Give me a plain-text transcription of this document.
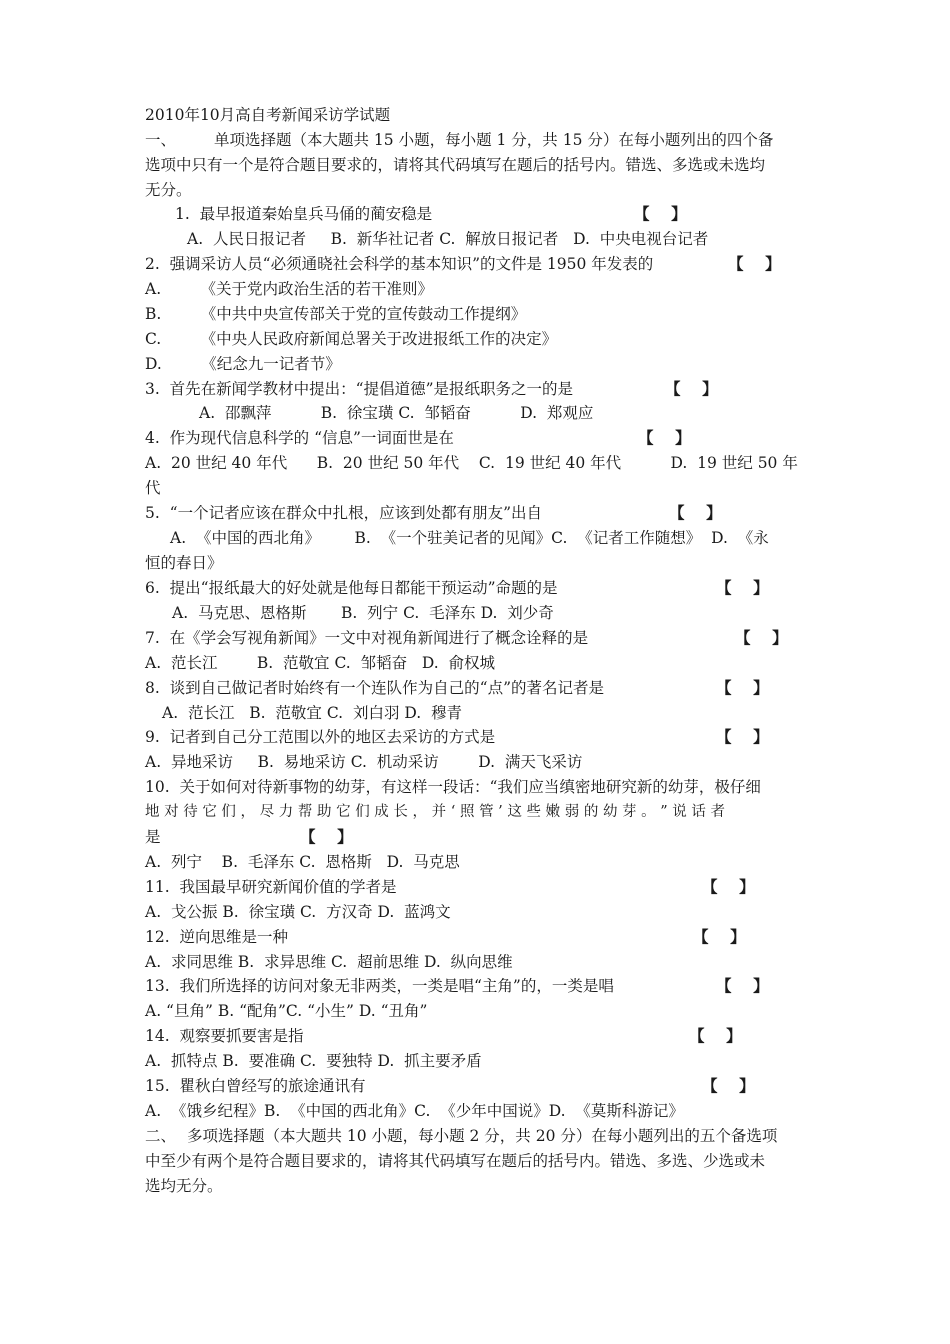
2010年10月高自考新闻采访学试题
一、 单项选择题（本大题共 15 小题，每小题 1 分，共 15 分）在每小题列出的四个备
选项中只有一个是符合题目要求的，请将其代码填写在题后的括号内。错选、多选或未选均
无分。
1.  最早报道秦始皇兵马俑的蔺安稳是	【    】
A.  人民日报记者     B.  新华社记者 C.  解放日报记者   D.  中央电视台记者
2.  强调采访人员“必须通晓社会科学的基本知识”的文件是 1950 年发表的	【    】
A.        《关于党内政治生活的若干准则》
B.        《中共中央宣传部关于党的宣传鼓动工作提纲》
C.        《中央人民政府新闻总署关于改进报纸工作的决定》
D.        《纪念九一记者节》
3.  首先在新闻学教材中提出：“提倡道德”是报纸职务之一的是	【    】
A.  邵飘萍          B.  徐宝璜 C.  邹韬奋          D.  郑观应
4.  作为现代信息科学的 “信息”一词面世是在	【    】
A.  20 世纪 40 年代      B.  20 世纪 50 年代    C.  19 世纪 40 年代          D.  19 世纪 50 年
代
5.  “一个记者应该在群众中扎根，应该到处都有朋友”出自	【    】
A.  《中国的西北角》       B.  《一个驻美记者的见闻》C.  《记者工作随想》  D.  《永
恒的春日》
6.  提出“报纸最大的好处就是他每日都能干预运动”命题的是	【    】
A.  马克思、恩格斯       B.  列宁 C.  毛泽东 D.  刘少奇
7.  在《学会写视角新闻》一文中对视角新闻进行了概念诠释的是	【    】
A.  范长江        B.  范敬宜 C.  邹韬奋   D.  俞权城
8.  谈到自己做记者时始终有一个连队作为自己的“点”的著名记者是	【    】
A.  范长江   B.  范敬宜 C.  刘白羽 D.  穆青
9.  记者到自己分工范围以外的地区去采访的方式是	【    】
A.  异地采访     B.  易地采访 C.  机动采访        D.  满天飞采访
10.  关于如何对待新事物的幼芽，有这样一段话：“我们应当缜密地研究新的幼芽，极仔细
地 对 待 它 们 ， 尽 力 帮 助 它 们 成 长 ， 并 ‘ 照 管 ’ 这 些 嫩 弱 的 幼 芽 。 ” 说 话 者
是	【    】
A.  列宁    B.  毛泽东 C.  恩格斯   D.  马克思
11.  我国最早研究新闻价值的学者是	【    】
A.  戈公振 B.  徐宝璜 C.  方汉奇 D.  蓝鸿文
12.  逆向思维是一种	【    】
A.  求同思维 B.  求异思维 C.  超前思维 D.  纵向思维
13.  我们所选择的访问对象无非两类，一类是唱“主角”的，一类是唱	【    】
A. “旦角” B. “配角”C. “小生” D. “丑角”
14.  观察要抓要害是指	【    】
A.  抓特点 B.  要准确 C.  要独特 D.  抓主要矛盾
15.  瞿秋白曾经写的旅途通讯有	【    】
A.  《饿乡纪程》B.  《中国的西北角》C.  《少年中国说》D.  《莫斯科游记》
二、 多项选择题（本大题共 10 小题，每小题 2 分，共 20 分）在每小题列出的五个备选项
中至少有两个是符合题目要求的，请将其代码填写在题后的括号内。错选、多选、少选或未
选均无分。
